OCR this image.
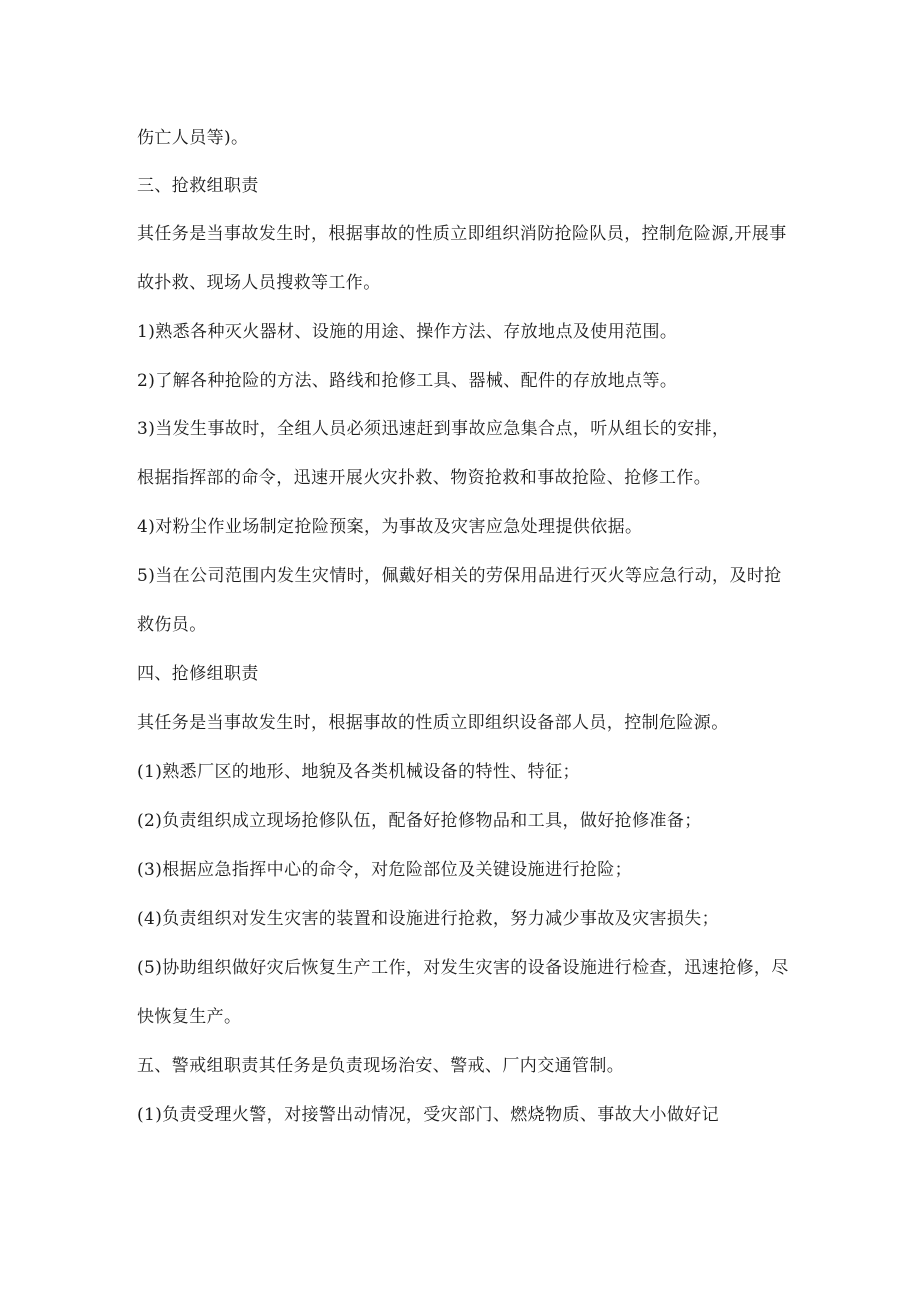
伤亡人员等)。
三、抢救组职责
其任务是当事故发生时，根据事故的性质立即组织消防抢险队员，控制危险源,开展事
故扑救、现场人员搜救等工作。
1)熟悉各种灭火器材、设施的用途、操作方法、存放地点及使用范围。
2)了解各种抢险的方法、路线和抢修工具、器械、配件的存放地点等。
3)当发生事故时，全组人员必须迅速赶到事故应急集合点，听从组长的安排，
根据指挥部的命令，迅速开展火灾扑救、物资抢救和事故抢险、抢修工作。
4)对粉尘作业场制定抢险预案，为事故及灾害应急处理提供依据。
5)当在公司范围内发生灾情时，佩戴好相关的劳保用品进行灭火等应急行动，及时抢
救伤员。
四、抢修组职责
其任务是当事故发生时，根据事故的性质立即组织设备部人员，控制危险源。
(1)熟悉厂区的地形、地貌及各类机械设备的特性、特征；
(2)负责组织成立现场抢修队伍，配备好抢修物品和工具，做好抢修准备；
(3)根据应急指挥中心的命令，对危险部位及关键设施进行抢险；
(4)负责组织对发生灾害的装置和设施进行抢救，努力减少事故及灾害损失；
(5)协助组织做好灾后恢复生产工作，对发生灾害的设备设施进行检查，迅速抢修，尽
快恢复生产。
五、警戒组职责其任务是负责现场治安、警戒、厂内交通管制。
(1)负责受理火警，对接警出动情况，受灾部门、燃烧物质、事故大小做好记
